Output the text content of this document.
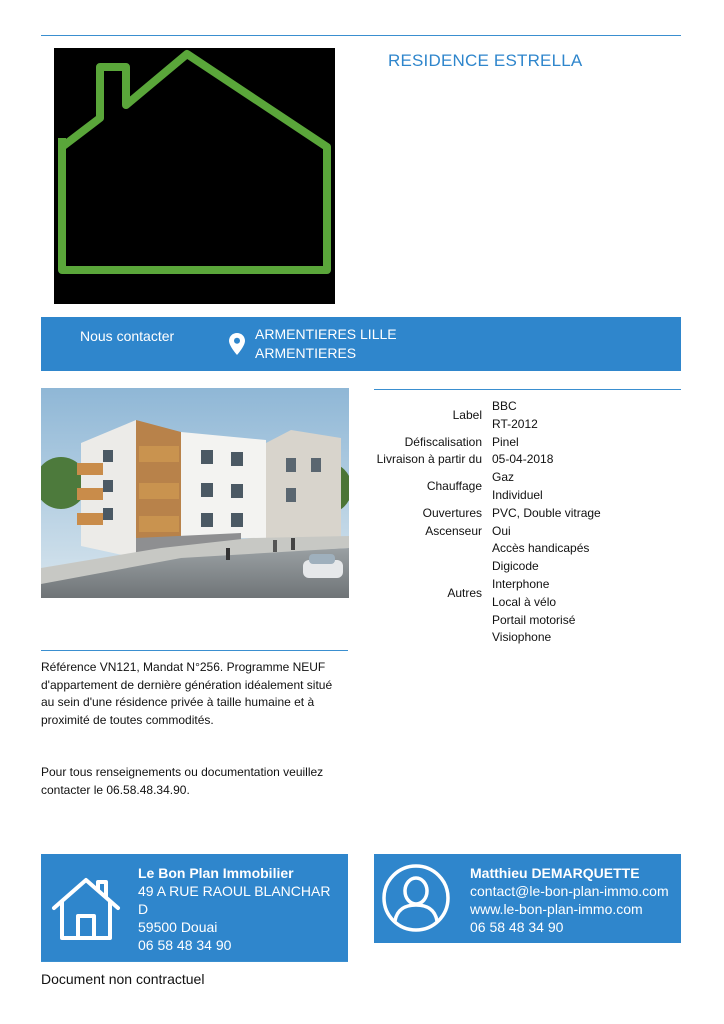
RESIDENCE ESTRELLA
Nous contacter	ARMENTIERES LILLE
ARMENTIERES
Label
BBC
RT-2012
Défiscalisation Pinel
Livraison à partir du 05-04-2018
Chauffage
Gaz
Individuel
Ouvertures PVC, Double vitrage
Ascenseur Oui
Autres
Accès handicapés
Digicode
Interphone
Local à vélo
Portail motorisé
Visiophone

Référence VN121, Mandat N°256. Programme NEUF d'appartement de dernière génération idéalement situé au sein d'une résidence privée à taille humaine et à proximité de toutes commodités.

Pour tous renseignements ou documentation veuillez contacter le 06.58.48.34.90.

Le Bon Plan Immobilier
49 A RUE RAOUL BLANCHAR
D
59500 Douai
06 58 48 34 90
Matthieu DEMARQUETTE
contact@le-bon-plan-immo.com
www.le-bon-plan-immo.com
06 58 48 34 90
Document non contractuel
